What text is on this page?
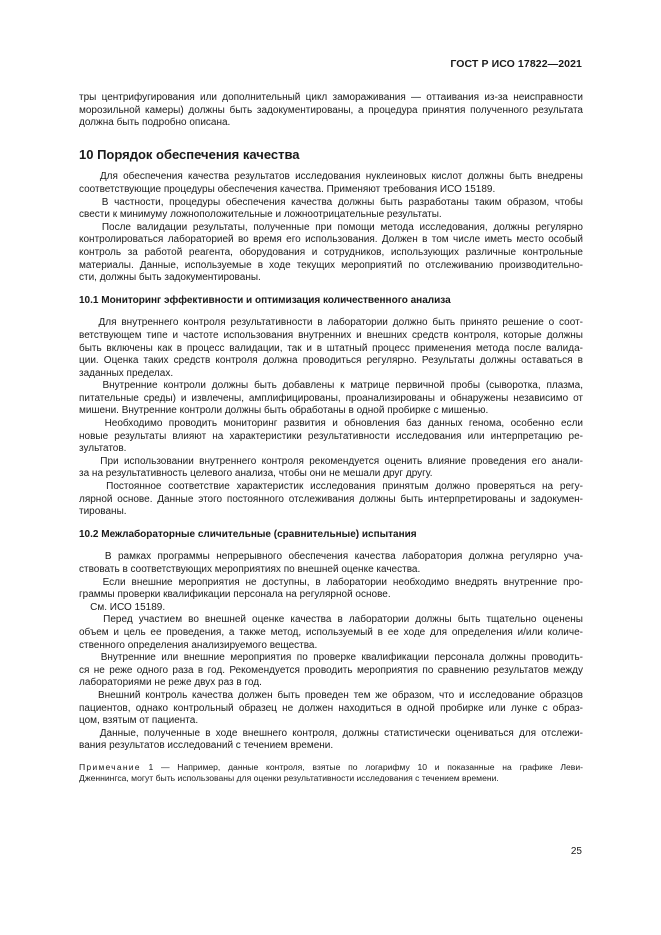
ГОСТ Р ИСО 17822—2021
тры центрифугирования или дополнительный цикл замораживания — оттаивания из-за неисправности
морозильной камеры) должны быть задокументированы, а процедура принятия полученного результата
должна быть подробно описана.
10 Порядок обеспечения качества
Для обеспечения качества результатов исследования нуклеиновых кислот должны быть внедрены
соответствующие процедуры обеспечения качества. Применяют требования ИСО 15189.
В частности, процедуры обеспечения качества должны быть разработаны таким образом, чтобы
свести к минимуму ложноположительные и ложноотрицательные результаты.
После валидации результаты, полученные при помощи метода исследования, должны регулярно
контролироваться лабораторией во время его использования. Должен в том числе иметь место особый
контроль за работой реагента, оборудования и сотрудников, использующих различные контрольные
материалы. Данные, используемые в ходе текущих мероприятий по отслеживанию производительно-
сти, должны быть задокументированы.
10.1 Мониторинг эффективности и оптимизация количественного анализа
Для внутреннего контроля результативности в лаборатории должно быть принято решение о соот-
ветствующем типе и частоте использования внутренних и внешних средств контроля, которые должны
быть включены как в процесс валидации, так и в штатный процесс применения метода после валида-
ции. Оценка таких средств контроля должна проводиться регулярно. Результаты должны оставаться в
заданных пределах.
Внутренние контроли должны быть добавлены к матрице первичной пробы (сыворотка, плазма,
питательные среды) и извлечены, амплифицированы, проанализированы и обнаружены независимо от
мишени. Внутренние контроли должны быть обработаны в одной пробирке с мишенью.
Необходимо проводить мониторинг развития и обновления баз данных генома, особенно если
новые результаты влияют на характеристики результативности исследования или интерпретацию ре-
зультатов.
При использовании внутреннего контроля рекомендуется оценить влияние проведения его анали-
за на результативность целевого анализа, чтобы они не мешали друг другу.
Постоянное соответствие характеристик исследования принятым должно проверяться на регу-
лярной основе. Данные этого постоянного отслеживания должны быть интерпретированы и задокумен-
тированы.
10.2 Межлабораторные сличительные (сравнительные) испытания
В рамках программы непрерывного обеспечения качества лаборатория должна регулярно уча-
ствовать в соответствующих мероприятиях по внешней оценке качества.
Если внешние мероприятия не доступны, в лаборатории необходимо внедрять внутренние про-
граммы проверки квалификации персонала на регулярной основе.
См. ИСО 15189.
Перед участием во внешней оценке качества в лаборатории должны быть тщательно оценены
объем и цель ее проведения, а также метод, используемый в ее ходе для определения и/или количе-
ственного определения анализируемого вещества.
Внутренние или внешние мероприятия по проверке квалификации персонала должны проводить-
ся не реже одного раза в год. Рекомендуется проводить мероприятия по сравнению результатов между
лабораториями не реже двух раз в год.
Внешний контроль качества должен быть проведен тем же образом, что и исследование образцов
пациентов, однако контрольный образец не должен находиться в одной пробирке или лунке с образ-
цом, взятым от пациента.
Данные, полученные в ходе внешнего контроля, должны статистически оцениваться для отслежи-
вания результатов исследований с течением времени.
Примечание 1 — Например, данные контроля, взятые по логарифму 10 и показанные на графике Леви-
Дженнингса, могут быть использованы для оценки результативности исследования с течением времени.
25
